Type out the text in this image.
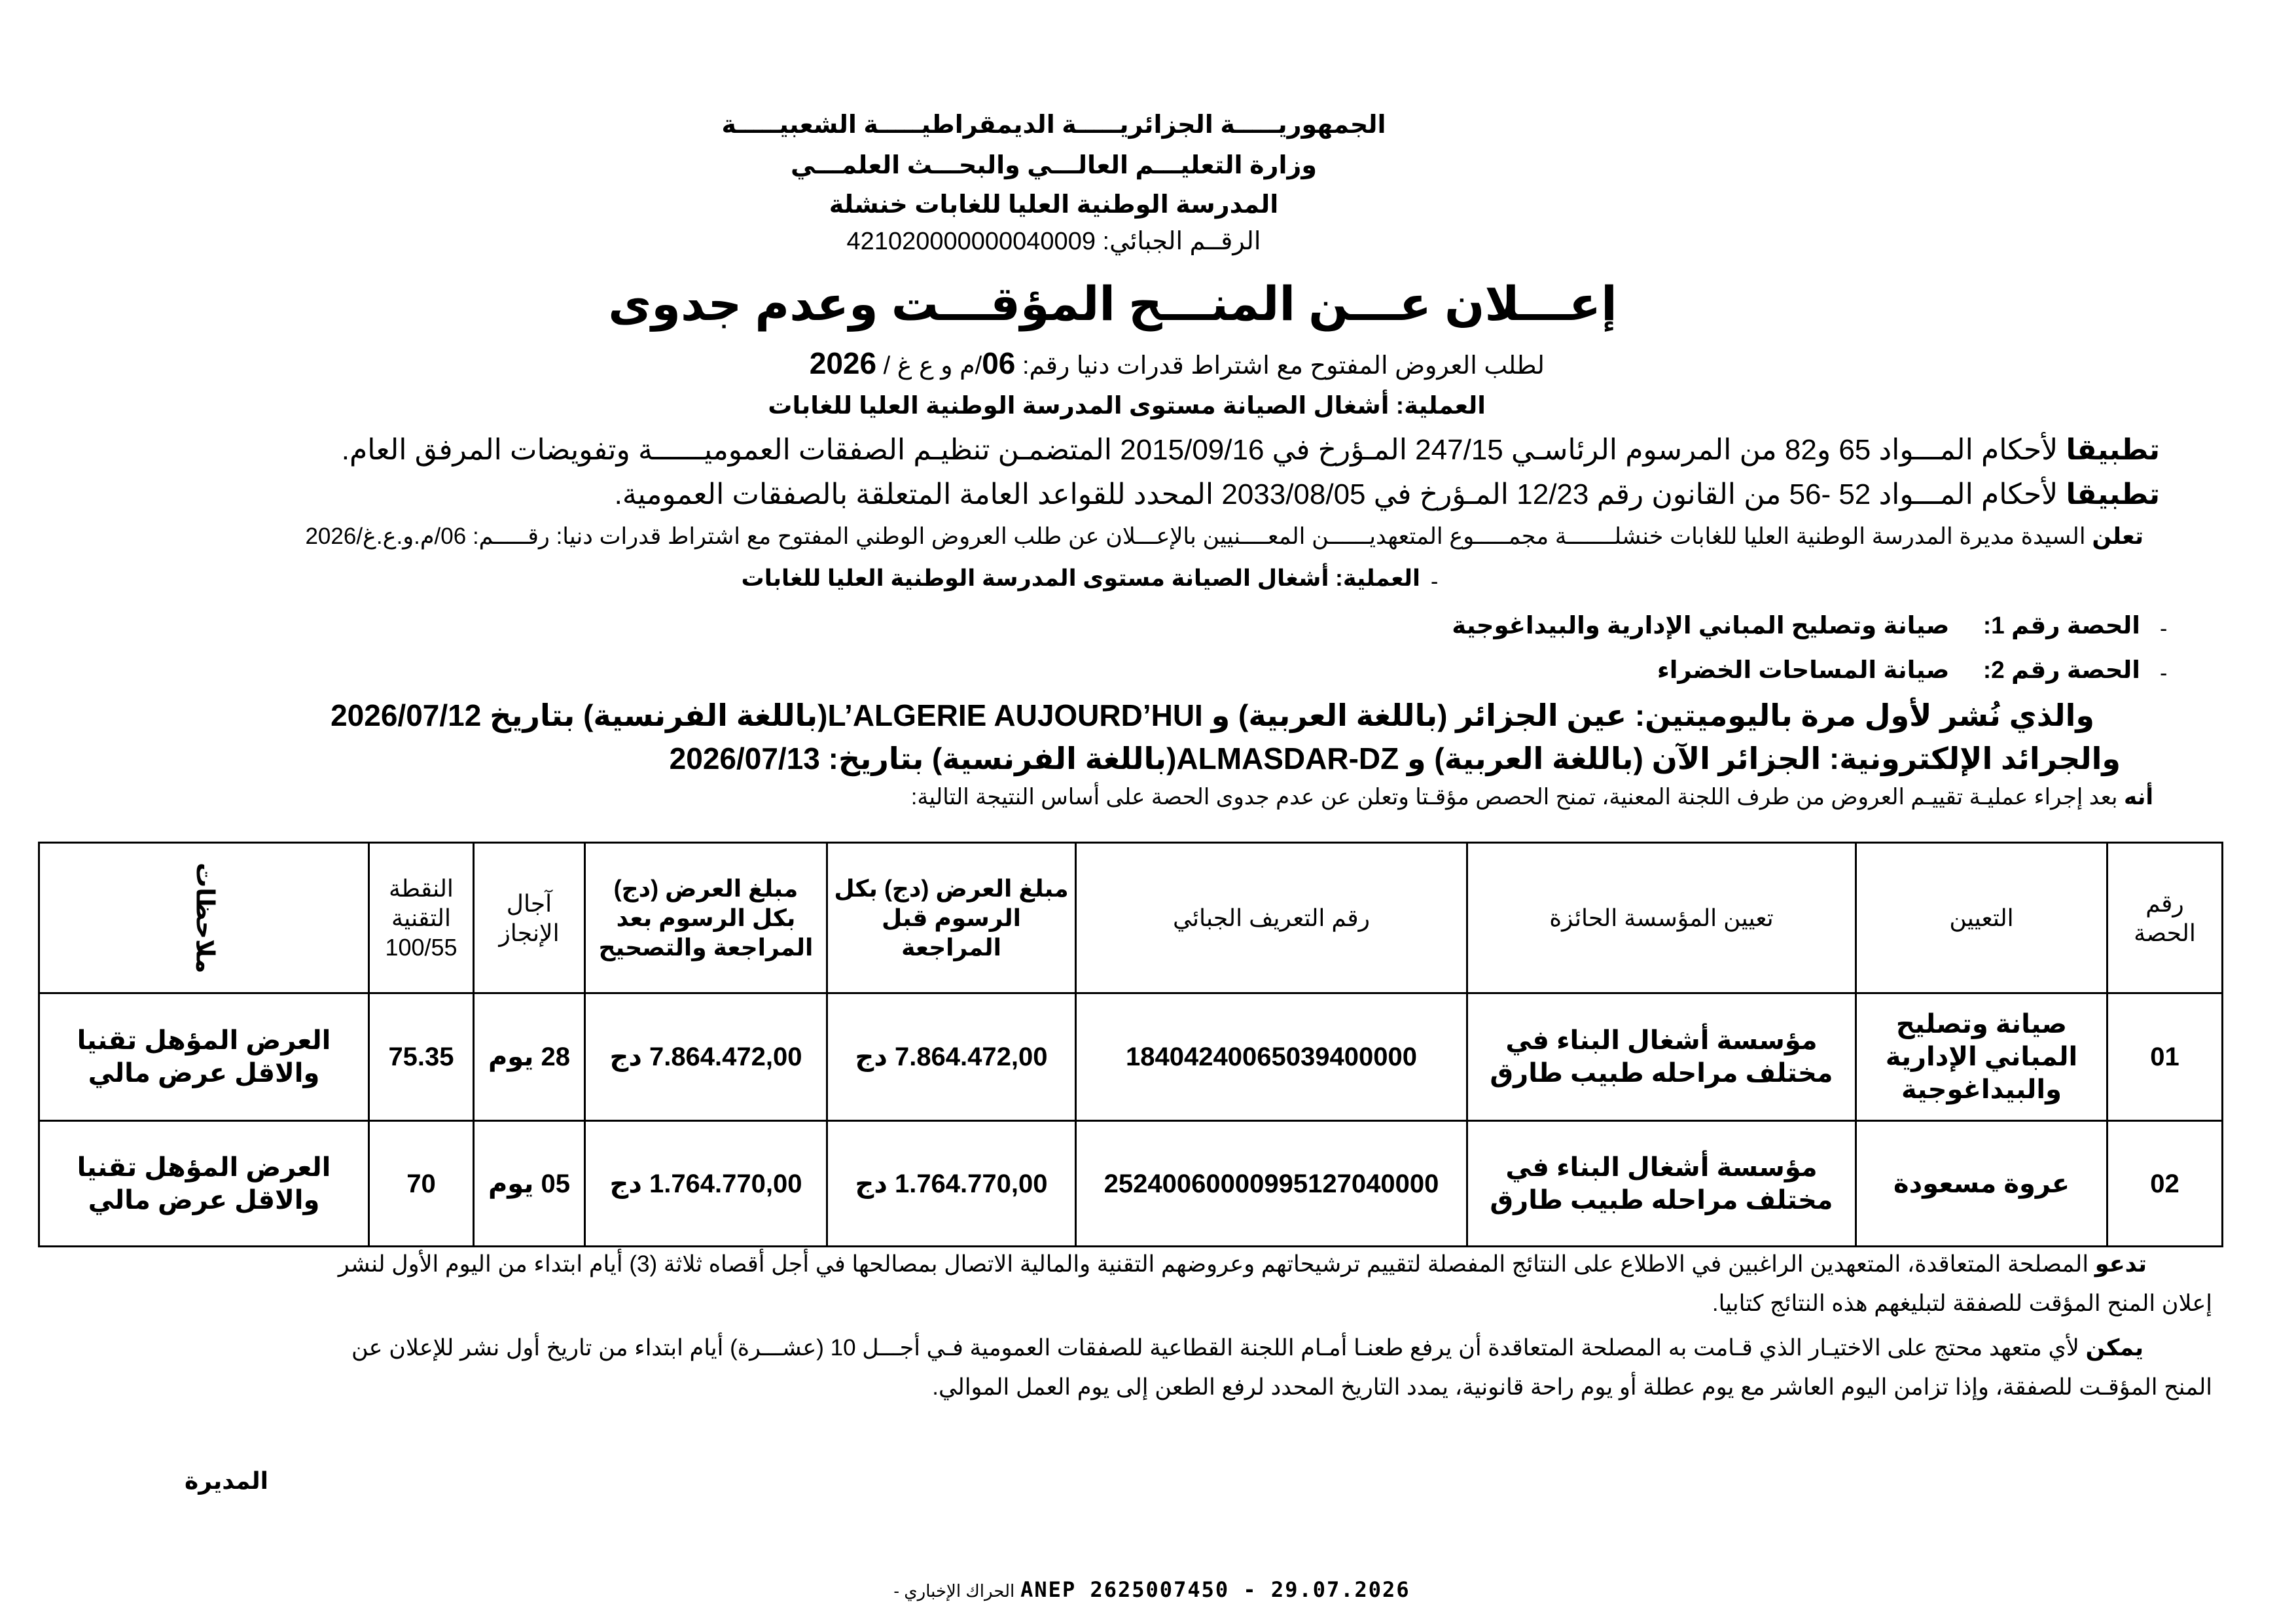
الجمهوريـــــة الجزائريـــــة الديمقراطيـــــة الشعبيـــــة
وزارة التعليـــم العالـــي والبحـــث العلمـــي
المدرسة الوطنية العليا للغابات خنشلة
الرقــم الجبائي: 421020000000040009
إعـــلان عـــن المنـــح المؤقـــت وعدم جدوى
لطلب العروض المفتوح مع اشتراط قدرات دنيا رقم: 06/م و ع غ / 2026
العملية: أشغال الصيانة مستوى المدرسة الوطنية العليا للغابات
تطبيقا لأحكام المـــواد 65 و82 من المرسوم الرئاسـي 247/15 المـؤرخ في 2015/09/16 المتضمـن تنظيـم الصفقات العموميــــــة وتفويضات المرفق العام.
تطبيقا لأحكام المـــواد 52 -56 من القانون رقم 12/23 المـؤرخ في 2033/08/05 المحدد للقواعد العامة المتعلقة بالصفقات العمومية.
تعلن السيدة مديرة المدرسة الوطنية العليا للغابات خنشلـــــــة مجمـــــوع المتعهديــــــن المعــــنيين بالإعـــلان عن طلب العروض الوطني المفتوح مع اشتراط قدرات دنيا: رقـــــم: 06/م.و.ع.غ/2026
العملية: أشغال الصيانة مستوى المدرسة الوطنية العليا للغابات -
الحصة رقم 1:     صيانة وتصليح المباني الإدارية والبيداغوجية	-
الحصة رقم 2:     صيانة المساحات الخضراء	-
والذي نُشر لأول مرة باليوميتين: عين الجزائر (باللغة العربية) و L’ALGERIE AUJOURD’HUI(باللغة الفرنسية) بتاريخ 2026/07/12
والجرائد الإلكترونية: الجزائر الآن (باللغة العربية) و ALMASDAR-DZ(باللغة الفرنسية) بتاريخ: 2026/07/13
أنه بعد إجراء عمليـة تقييـم العروض من طرف اللجنة المعنية، تمنح الحصص مؤقـتا وتعلن عن عدم جدوى الحصة على أساس النتيجة التالية:
رقم الحصة	التعيين	تعيين المؤسسة الحائزة	رقم التعريف الجبائي	مبلغ العرض (دج) بكل الرسوم قبل المراجعة	مبلغ العرض (دج) بكل الرسوم بعد المراجعة والتصحيح	آجال الإنجاز	النقطة التقنية 100/55	ملاحظات
01	صيانة وتصليح المباني الإدارية والبيداغوجية	مؤسسة أشغال البناء في مختلف مراحله طبيب طارق	18404240065039400000	7.864.472,00 دج	7.864.472,00 دج	28 يوم	75.35	العرض المؤهل تقنيا والاقل عرض مالي
02	عروة مسعودة	مؤسسة أشغال البناء في مختلف مراحله طبيب طارق	25240060000995127040000	1.764.770,00 دج	1.764.770,00 دج	05 يوم	70	العرض المؤهل تقنيا والاقل عرض مالي
تدعو المصلحة المتعاقدة، المتعهدين الراغبين في الاطلاع على النتائج المفصلة لتقييم ترشيحاتهم وعروضهم التقنية والمالية الاتصال بمصالحها في أجل أقصاه ثلاثة (3) أيام ابتداء من اليوم الأول لنشر
إعلان المنح المؤقت للصفقة لتبليغهم هذه النتائج كتابيا.
يمكن لأي متعهد محتج على الاختيـار الذي قـامت به المصلحة المتعاقدة أن يرفع طعنـا أمـام اللجنة القطاعية للصفقات العمومية فـي أجـــل 10 (عشـــرة) أيام ابتداء من تاريخ أول نشر للإعلان عن
المنح المؤقـت للصفقة، وإذا تزامن اليوم العاشر مع يوم عطلة أو يوم راحة قانونية، يمدد التاريخ المحدد لرفع الطعن إلى يوم العمل الموالي.
المديرة
- الحراك الإخباري ANEP 2625007450 - 29.07.2026
